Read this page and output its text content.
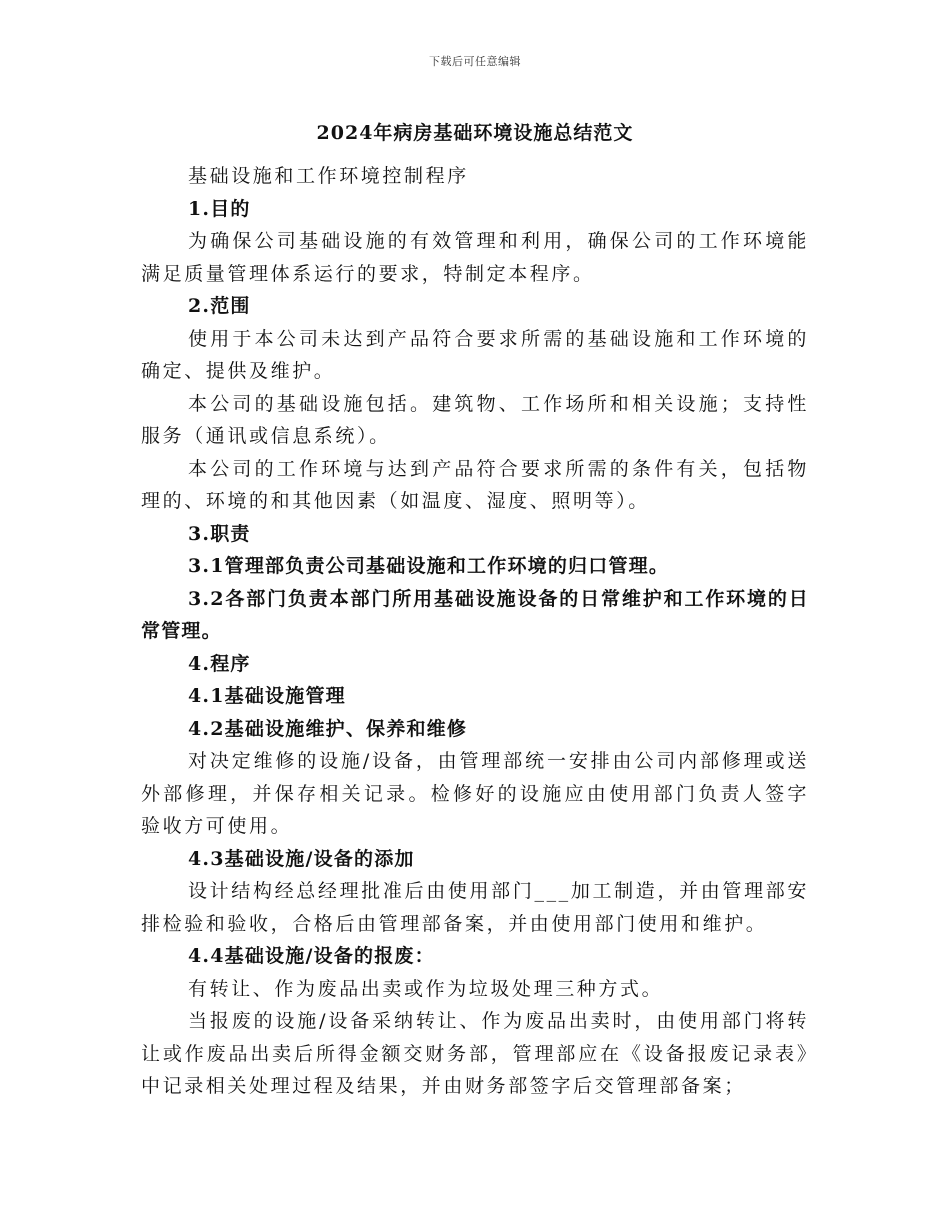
下载后可任意编辑
2024年病房基础环境设施总结范文

基础设施和工作环境控制程序

1.目的

为确保公司基础设施的有效管理和利用，确保公司的工作环境能满足质量管理体系运行的要求，特制定本程序。

2.范围

使用于本公司未达到产品符合要求所需的基础设施和工作环境的确定、提供及维护。

本公司的基础设施包括。建筑物、工作场所和相关设施；支持性服务（通讯或信息系统）。

本公司的工作环境与达到产品符合要求所需的条件有关，包括物理的、环境的和其他因素（如温度、湿度、照明等）。

3.职责

3.1管理部负责公司基础设施和工作环境的归口管理。

3.2各部门负责本部门所用基础设施设备的日常维护和工作环境的日常管理。

4.程序

4.1基础设施管理

4.2基础设施维护、保养和维修

对决定维修的设施/设备，由管理部统一安排由公司内部修理或送外部修理，并保存相关记录。检修好的设施应由使用部门负责人签字验收方可使用。

4.3基础设施/设备的添加

设计结构经总经理批准后由使用部门___加工制造，并由管理部安排检验和验收，合格后由管理部备案，并由使用部门使用和维护。

4.4基础设施/设备的报废：

有转让、作为废品出卖或作为垃圾处理三种方式。

当报废的设施/设备采纳转让、作为废品出卖时，由使用部门将转让或作废品出卖后所得金额交财务部，管理部应在《设备报废记录表》中记录相关处理过程及结果，并由财务部签字后交管理部备案；
